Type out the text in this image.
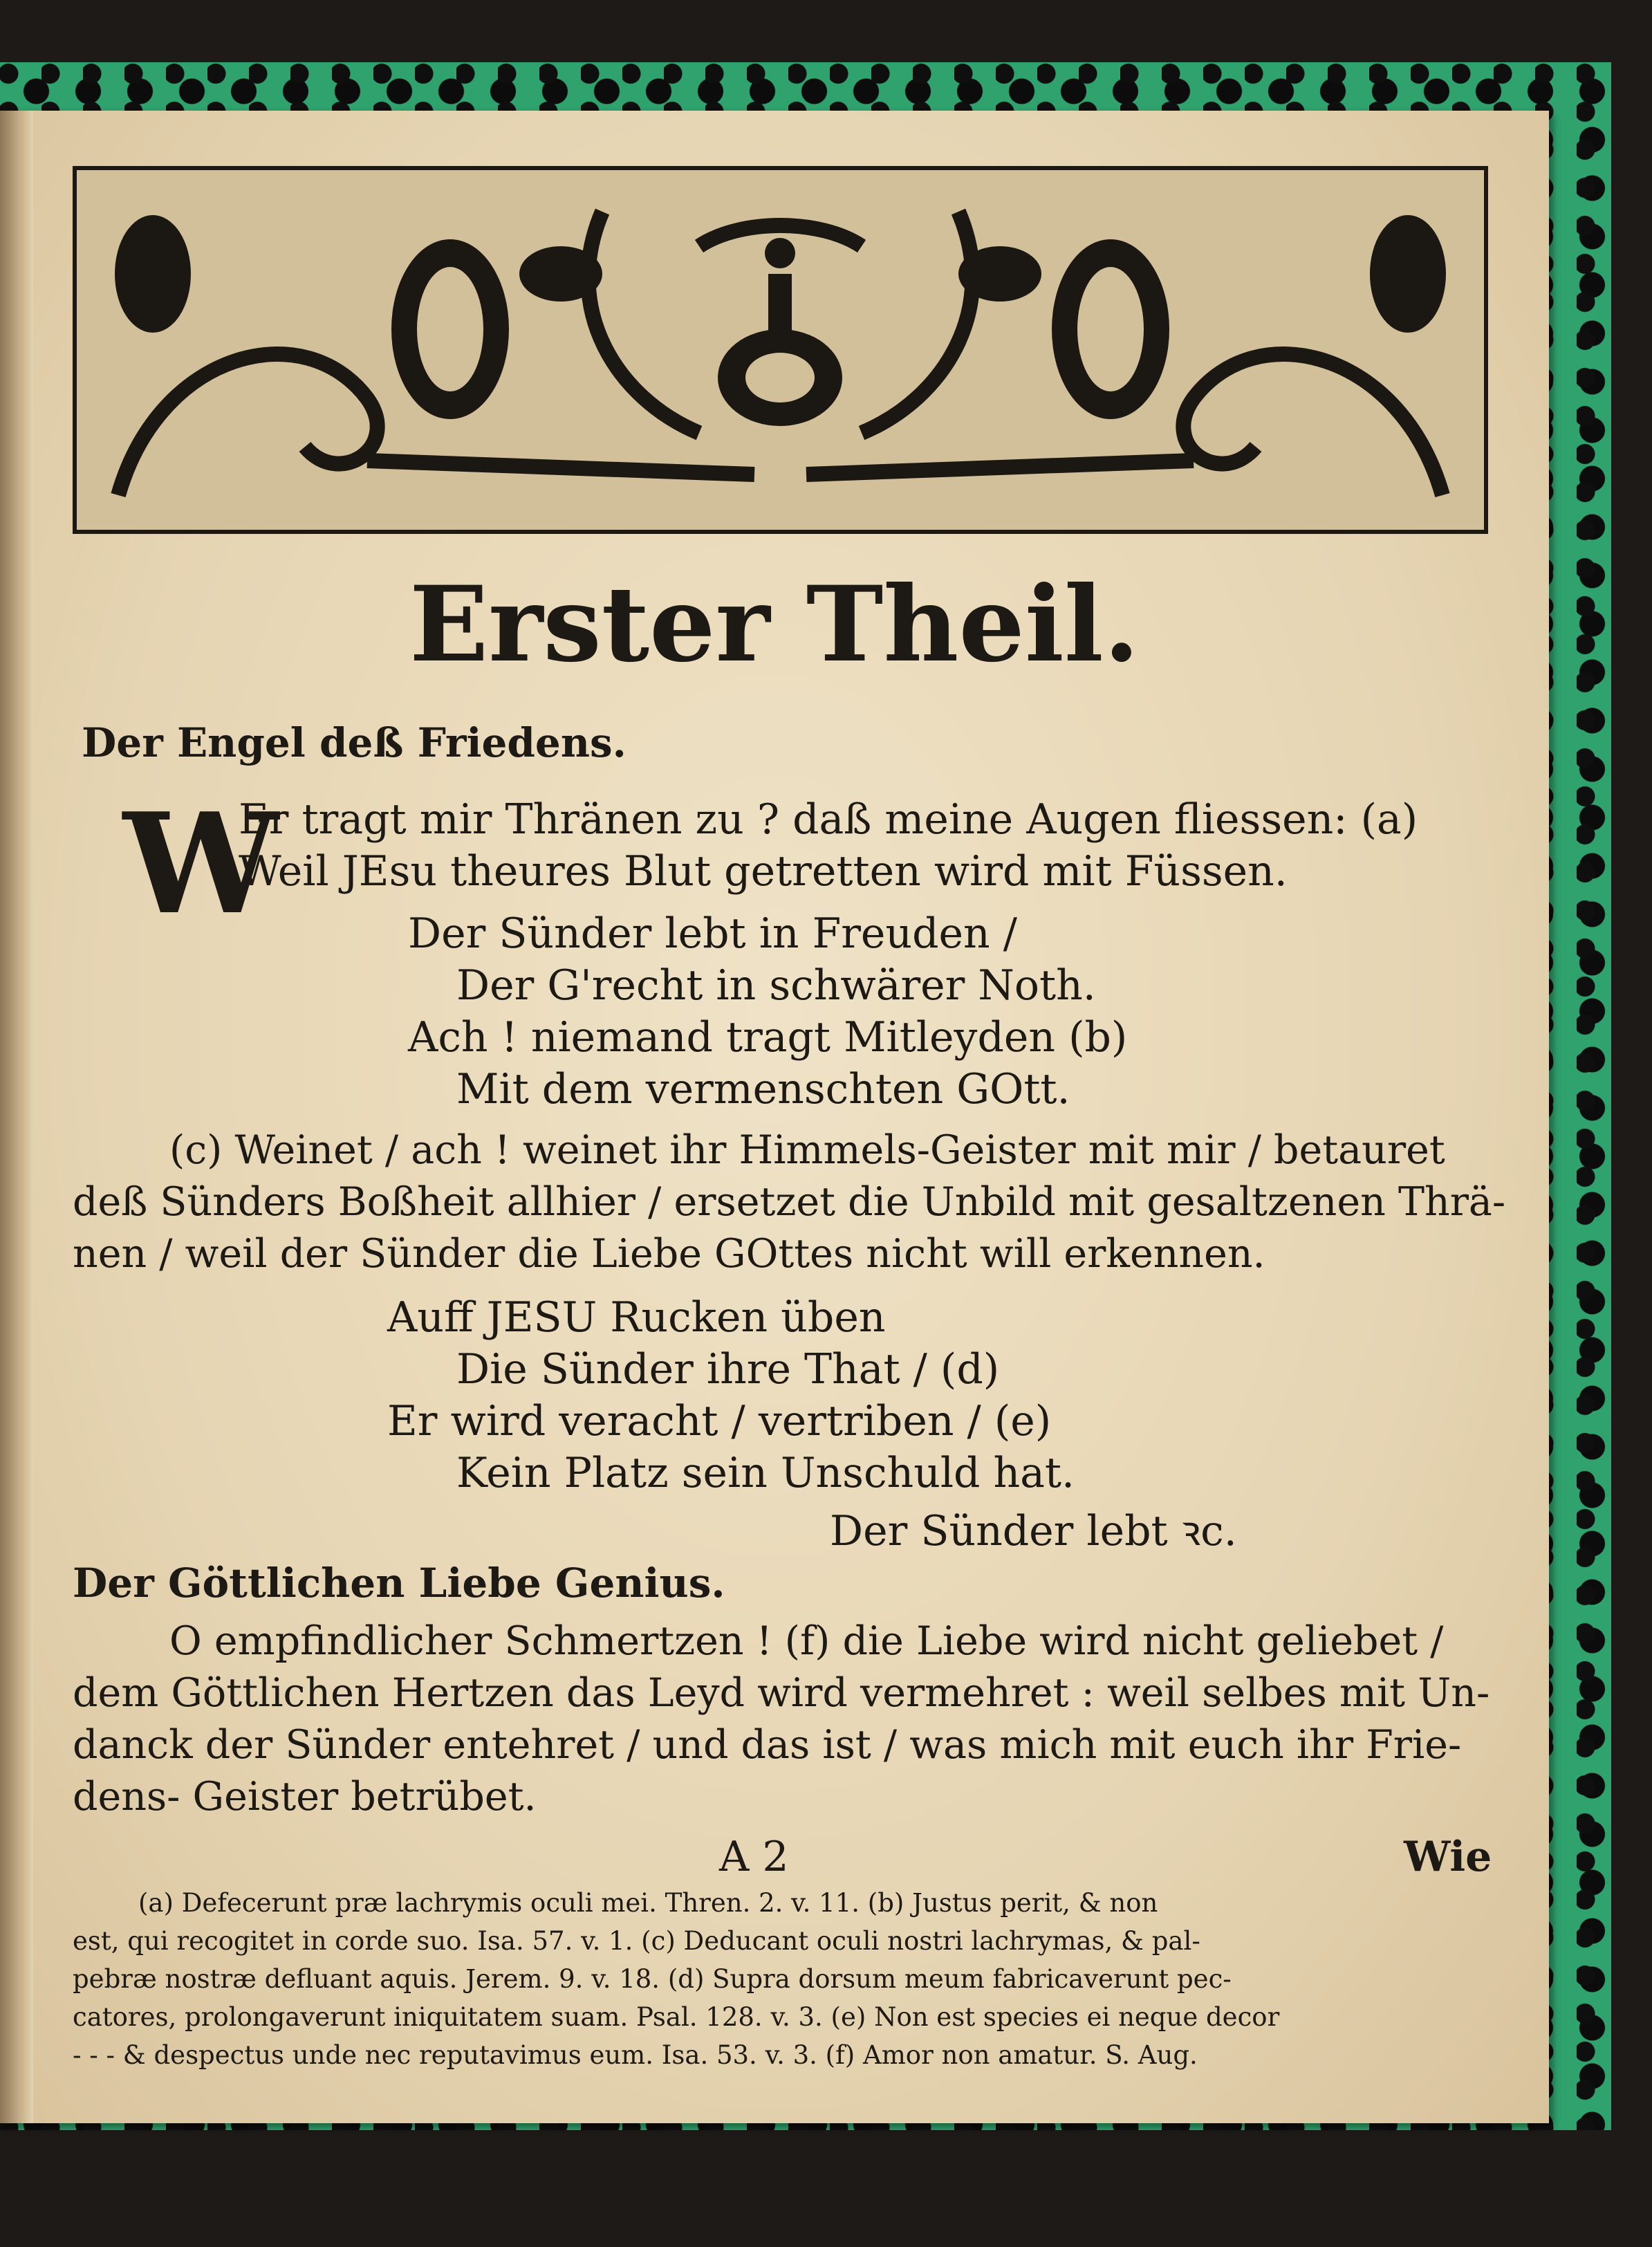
Erster Theil.
Der Engel deß Friedens.
W
Er tragt mir Thränen zu ? daß meine Augen fliessen: (a)
Weil JEsu theures Blut getretten wird mit Füssen.
Der Sünder lebt in Freuden /
Der G'recht in schwärer Noth.
Ach ! niemand tragt Mitleyden (b)
Mit dem vermenschten GOtt.
(c) Weinet / ach ! weinet ihr Himmels-Geister mit mir / betauret
deß Sünders Boßheit allhier / ersetzet die Unbild mit gesaltzenen Thrä-
nen / weil der Sünder die Liebe GOttes nicht will erkennen.
Auff JESU Rucken üben
Die Sünder ihre That / (d)
Er wird veracht / vertriben / (e)
Kein Platz sein Unschuld hat.
Der Sünder lebt ꝛc.
Der Göttlichen Liebe Genius.
O empfindlicher Schmertzen ! (f) die Liebe wird nicht geliebet /
dem Göttlichen Hertzen das Leyd wird vermehret : weil selbes mit Un-
danck der Sünder entehret / und das ist / was mich mit euch ihr Frie-
dens- Geister betrübet.
A 2	Wie
(a) Defecerunt præ lachrymis oculi mei. Thren. 2. v. 11. (b) Justus perit, & non
est, qui recogitet in corde suo. Isa. 57. v. 1. (c) Deducant oculi nostri lachrymas, & pal-
pebræ nostræ defluant aquis. Jerem. 9. v. 18. (d) Supra dorsum meum fabricaverunt pec-
catores, prolongaverunt iniquitatem suam. Psal. 128. v. 3. (e) Non est species ei neque decor
- - - & despectus unde nec reputavimus eum. Isa. 53. v. 3. (f) Amor non amatur. S. Aug.
